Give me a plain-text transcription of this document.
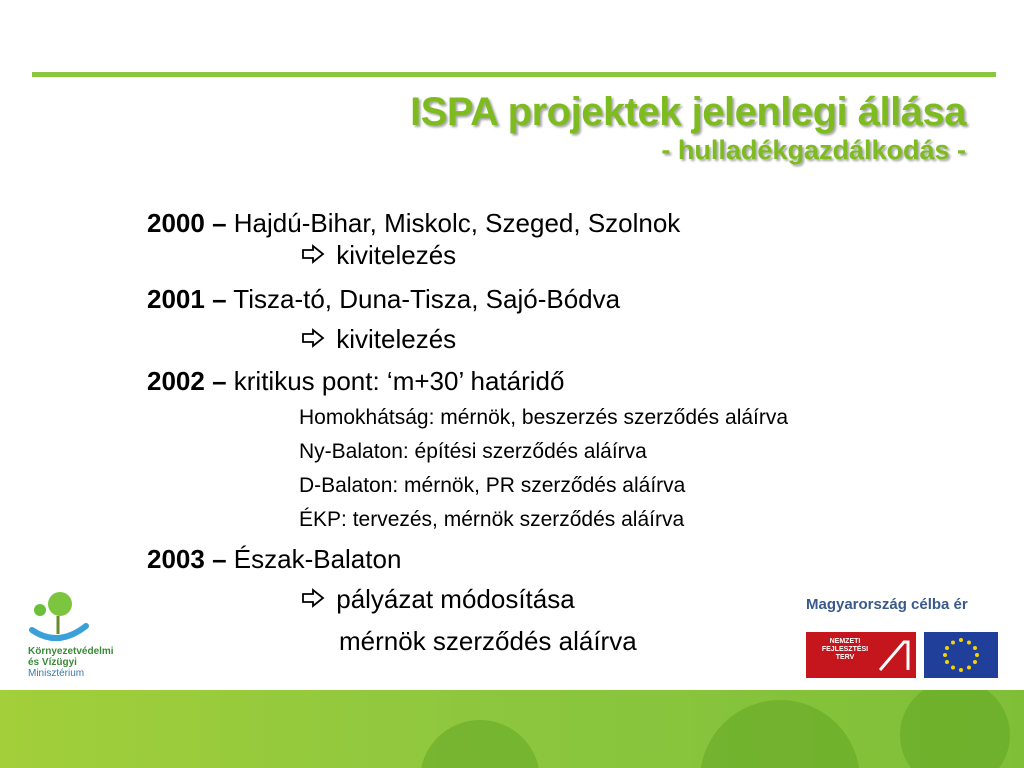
ISPA projektek jelenlegi állása
- hulladékgazdálkodás -
2000 – Hajdú-Bihar, Miskolc, Szeged, Szolnok
kivitelezés
2001 – Tisza-tó, Duna-Tisza, Sajó-Bódva
kivitelezés
2002 – kritikus pont: ‘m+30’ határidő
Homokhátság: mérnök, beszerzés szerződés aláírva
Ny-Balaton: építési szerződés aláírva
D-Balaton: mérnök, PR szerződés aláírva
ÉKP: tervezés, mérnök szerződés aláírva
2003 – Észak-Balaton
pályázat módosítása
mérnök szerződés aláírva
Környezetvédelmi
és Vízügyi
Minisztérium
Magyarország célba ér
NEMZETI
FEJLESZTÉSI
TERV
